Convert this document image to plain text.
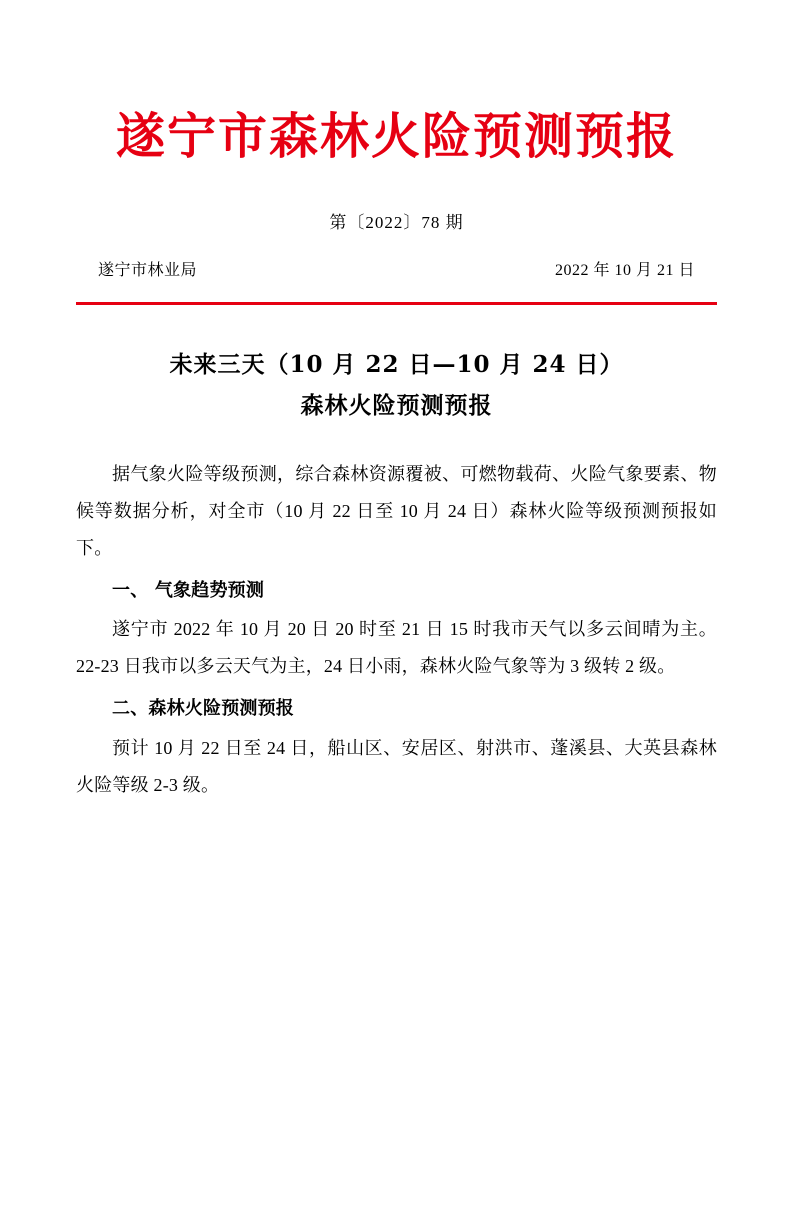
遂宁市森林火险预测预报
第〔2022〕78 期
遂宁市林业局	2022 年 10 月 21 日
未来三天（10 月 22 日—10 月 24 日）
森林火险预测预报

据气象火险等级预测，综合森林资源覆被、可燃物载荷、火险气象要素、物候等数据分析，对全市（10 月 22 日至 10 月 24 日）森林火险等级预测预报如下。

一、 气象趋势预测

遂宁市 2022 年 10 月 20 日 20 时至 21 日 15 时我市天气以多云间晴为主。22-23 日我市以多云天气为主，24 日小雨，森林火险气象等为 3 级转 2 级。

二、森林火险预测预报

预计 10 月 22 日至 24 日，船山区、安居区、射洪市、蓬溪县、大英县森林火险等级 2-3 级。
